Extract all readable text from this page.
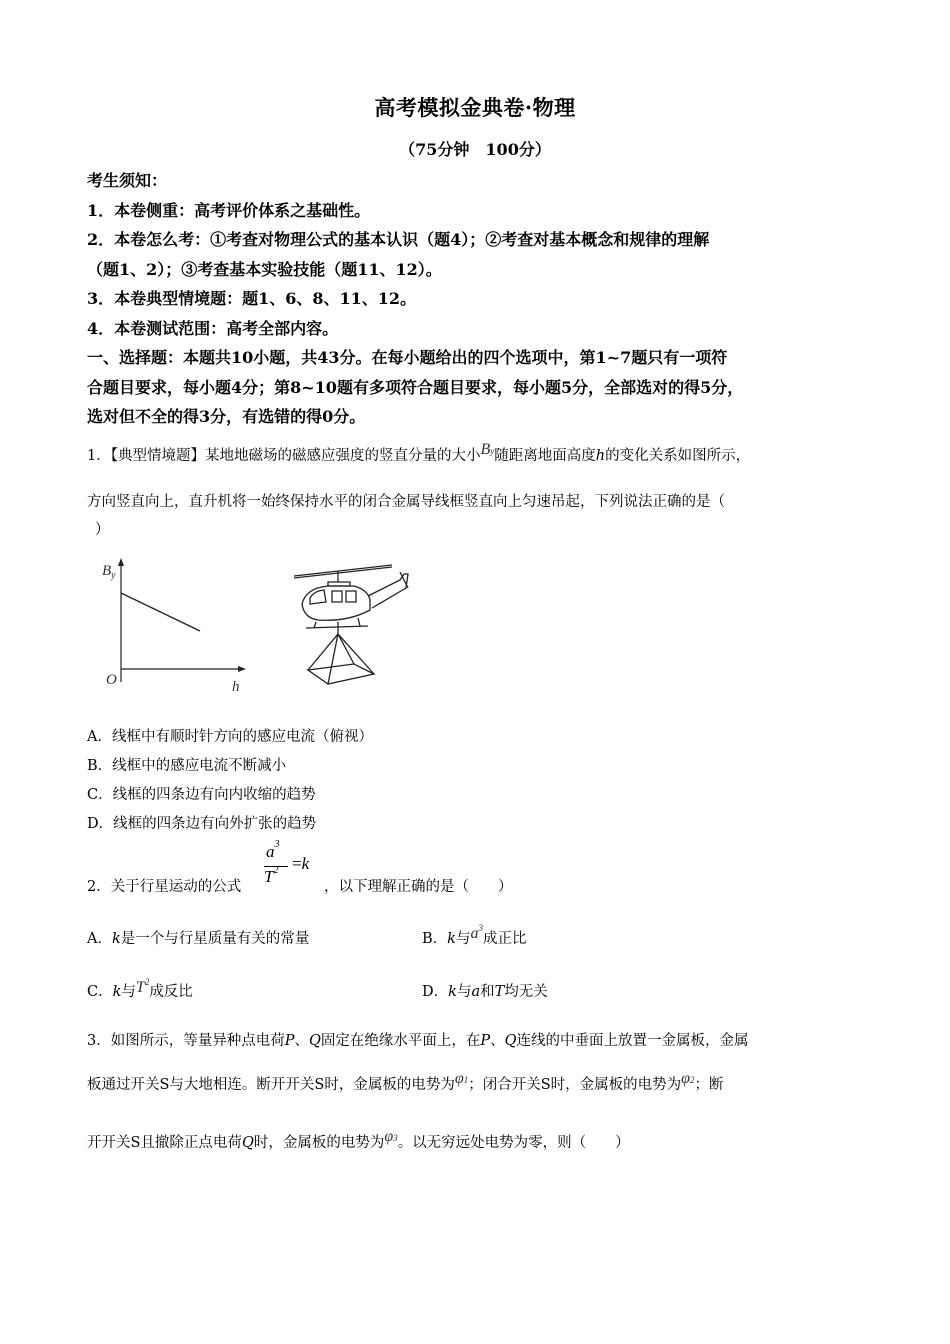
高考模拟金典卷·物理
（75分钟　100分）
考生须知：
1．本卷侧重：高考评价体系之基础性。
2．本卷怎么考：①考查对物理公式的基本认识（题4）；②考查对基本概念和规律的理解
（题1、2）；③考查基本实验技能（题11、12）。
3．本卷典型情境题：题1、6、8、11、12。
4．本卷测试范围：高考全部内容。
一、选择题：本题共10小题，共43分。在每小题给出的四个选项中，第1~7题只有一项符
合题目要求，每小题4分；第8~10题有多项符合题目要求，每小题5分，全部选对的得5分，
选对但不全的得3分，有选错的得0分。
1．【典型情境题】某地地磁场的磁感应强度的竖直分量的大小By随距离地面高度h的变化关系如图所示，
方向竖直向上，直升机将一始终保持水平的闭合金属导线框竖直向上匀速吊起，下列说法正确的是（
）
$B_y$
O	h
A．线框中有顺时针方向的感应电流（俯视）
B．线框中的感应电流不断减小
C．线框的四条边有向内收缩的趋势
D．线框的四条边有向外扩张的趋势
2．关于行星运动的公式
$a^3$
$T^2 =k$
，以下理解正确的是（　　）
A．k是一个与行星质量有关的常量	B．k与$a^3$成正比
C．k与$T^2$成反比	D．k与a和T均无关
3．如图所示，等量异种点电荷P、Q固定在绝缘水平面上，在P、Q连线的中垂面上放置一金属板，金属
板通过开关S与大地相连。断开开关S时，金属板的电势为φ1；闭合开关S时，金属板的电势为φ2；断
开开关S且撤除正点电荷Q时，金属板的电势为φ3。以无穷远处电势为零，则（　　）
